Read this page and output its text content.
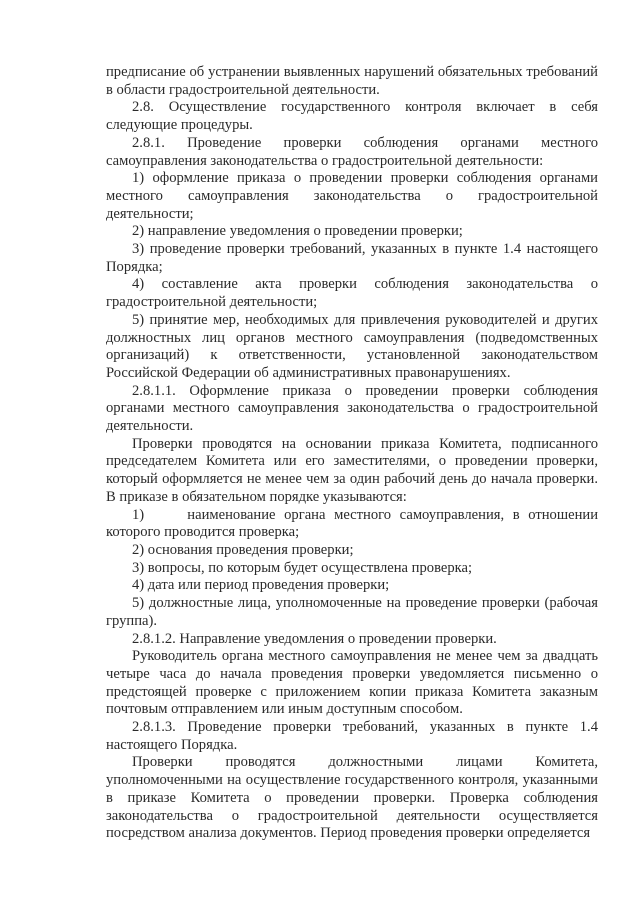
предписание об устранении выявленных нарушений обязательных требований в области градостроительной деятельности.

2.8. Осуществление государственного контроля включает в себя следующие процедуры.

2.8.1. Проведение проверки соблюдения органами местного самоуправления законодательства о градостроительной деятельности:

1) оформление приказа о проведении проверки соблюдения органами местного самоуправления законодательства о градостроительной деятельности;

2) направление уведомления о проведении проверки;

3) проведение проверки требований, указанных в пункте 1.4 настоящего Порядка;

4) составление акта проверки соблюдения законодательства о градостроительной деятельности;

5) принятие мер, необходимых для привлечения руководителей и других должностных лиц органов местного самоуправления (подведомственных организаций) к ответственности, установленной законодательством Российской Федерации об административных правонарушениях.

2.8.1.1. Оформление приказа о проведении проверки соблюдения органами местного самоуправления законодательства о градостроительной деятельности.

Проверки проводятся на основании приказа Комитета, подписанного председателем Комитета или его заместителями, о проведении проверки, который оформляется не менее чем за один рабочий день до начала проверки. В приказе в обязательном порядке указываются:

1)     наименование органа местного самоуправления, в отношении которого проводится проверка;

2) основания проведения проверки;

3) вопросы, по которым будет осуществлена проверка;

4) дата или период проведения проверки;

5) должностные лица, уполномоченные на проведение проверки (рабочая группа).

2.8.1.2. Направление уведомления о проведении проверки.

Руководитель органа местного самоуправления не менее чем за двадцать четыре часа до начала проведения проверки уведомляется письменно о предстоящей проверке с приложением копии приказа Комитета заказным почтовым отправлением или иным доступным способом.

2.8.1.3. Проведение проверки требований, указанных в пункте 1.4 настоящего Порядка.

Проверки проводятся должностными лицами Комитета, уполномоченными на осуществление государственного контроля, указанными в приказе Комитета о проведении проверки. Проверка соблюдения законодательства о градостроительной деятельности осуществляется посредством анализа документов. Период проведения проверки определяется
